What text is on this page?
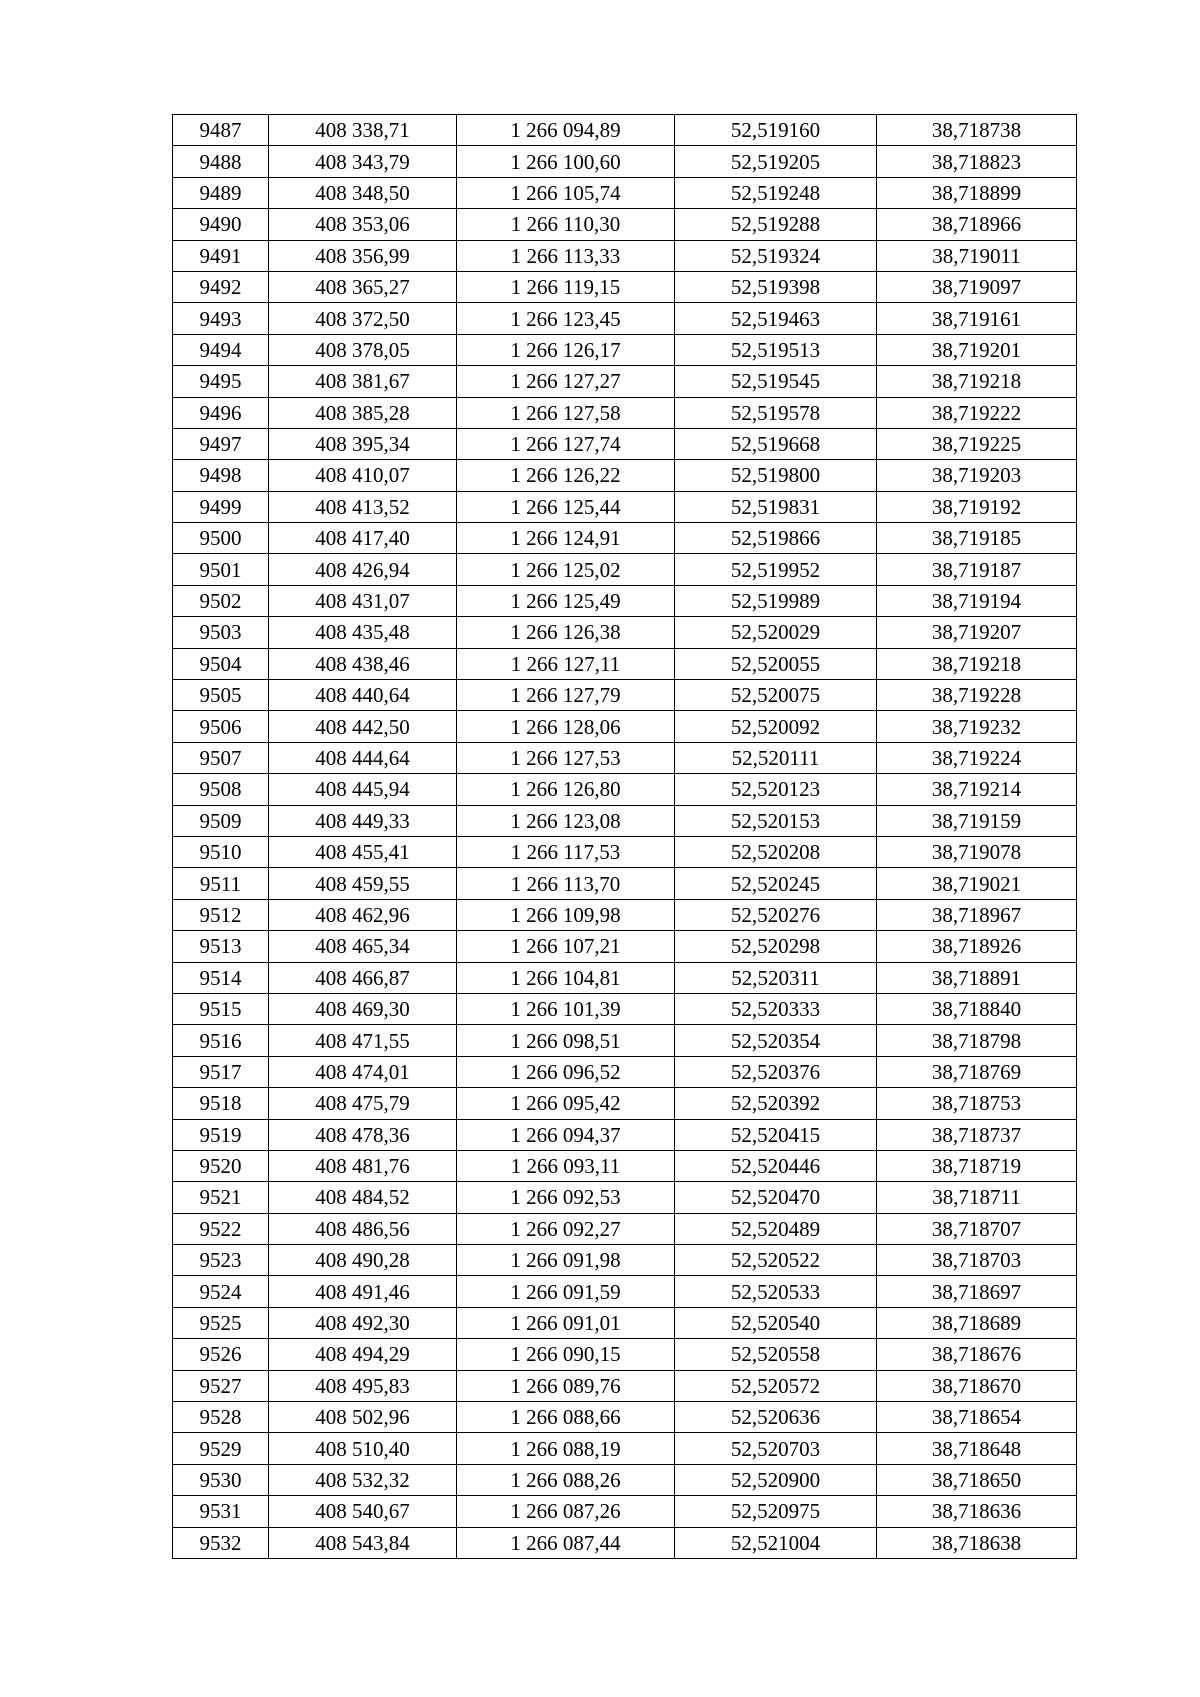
9487	408 338,71	1 266 094,89	52,519160	38,718738
9488	408 343,79	1 266 100,60	52,519205	38,718823
9489	408 348,50	1 266 105,74	52,519248	38,718899
9490	408 353,06	1 266 110,30	52,519288	38,718966
9491	408 356,99	1 266 113,33	52,519324	38,719011
9492	408 365,27	1 266 119,15	52,519398	38,719097
9493	408 372,50	1 266 123,45	52,519463	38,719161
9494	408 378,05	1 266 126,17	52,519513	38,719201
9495	408 381,67	1 266 127,27	52,519545	38,719218
9496	408 385,28	1 266 127,58	52,519578	38,719222
9497	408 395,34	1 266 127,74	52,519668	38,719225
9498	408 410,07	1 266 126,22	52,519800	38,719203
9499	408 413,52	1 266 125,44	52,519831	38,719192
9500	408 417,40	1 266 124,91	52,519866	38,719185
9501	408 426,94	1 266 125,02	52,519952	38,719187
9502	408 431,07	1 266 125,49	52,519989	38,719194
9503	408 435,48	1 266 126,38	52,520029	38,719207
9504	408 438,46	1 266 127,11	52,520055	38,719218
9505	408 440,64	1 266 127,79	52,520075	38,719228
9506	408 442,50	1 266 128,06	52,520092	38,719232
9507	408 444,64	1 266 127,53	52,520111	38,719224
9508	408 445,94	1 266 126,80	52,520123	38,719214
9509	408 449,33	1 266 123,08	52,520153	38,719159
9510	408 455,41	1 266 117,53	52,520208	38,719078
9511	408 459,55	1 266 113,70	52,520245	38,719021
9512	408 462,96	1 266 109,98	52,520276	38,718967
9513	408 465,34	1 266 107,21	52,520298	38,718926
9514	408 466,87	1 266 104,81	52,520311	38,718891
9515	408 469,30	1 266 101,39	52,520333	38,718840
9516	408 471,55	1 266 098,51	52,520354	38,718798
9517	408 474,01	1 266 096,52	52,520376	38,718769
9518	408 475,79	1 266 095,42	52,520392	38,718753
9519	408 478,36	1 266 094,37	52,520415	38,718737
9520	408 481,76	1 266 093,11	52,520446	38,718719
9521	408 484,52	1 266 092,53	52,520470	38,718711
9522	408 486,56	1 266 092,27	52,520489	38,718707
9523	408 490,28	1 266 091,98	52,520522	38,718703
9524	408 491,46	1 266 091,59	52,520533	38,718697
9525	408 492,30	1 266 091,01	52,520540	38,718689
9526	408 494,29	1 266 090,15	52,520558	38,718676
9527	408 495,83	1 266 089,76	52,520572	38,718670
9528	408 502,96	1 266 088,66	52,520636	38,718654
9529	408 510,40	1 266 088,19	52,520703	38,718648
9530	408 532,32	1 266 088,26	52,520900	38,718650
9531	408 540,67	1 266 087,26	52,520975	38,718636
9532	408 543,84	1 266 087,44	52,521004	38,718638
